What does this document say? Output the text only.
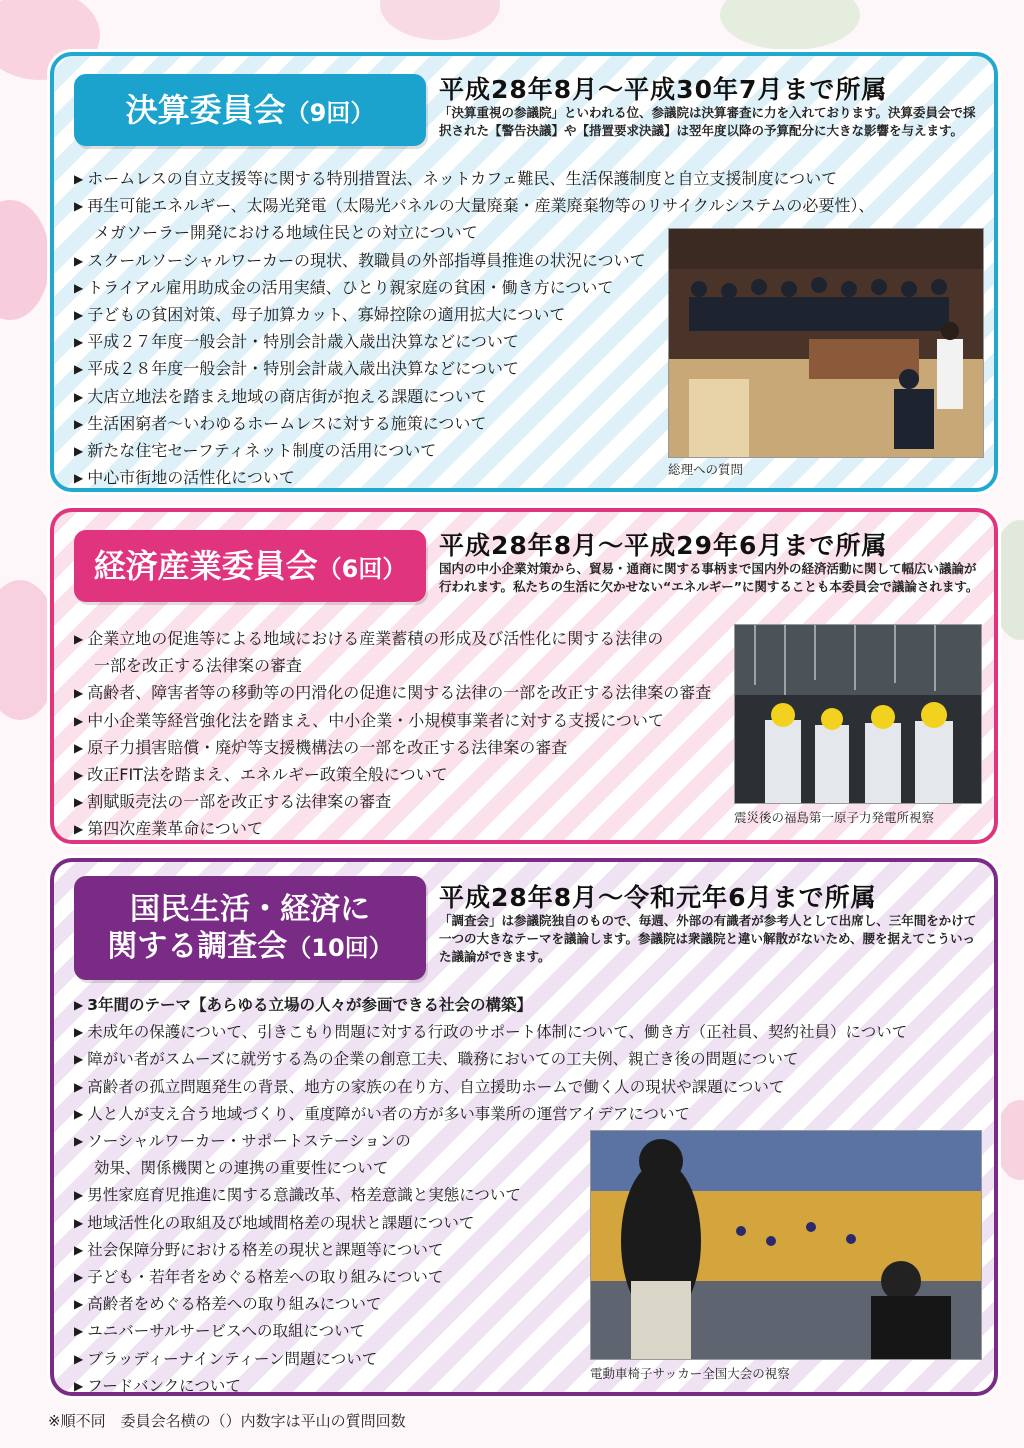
決算委員会（9回）
平成28年8月～平成30年7月まで所属
「決算重視の参議院」といわれる位、参議院は決算審査に力を入れております。決算委員会で採択された【警告決議】や【措置要求決議】は翌年度以降の予算配分に大きな影響を与えます。
▶ ホームレスの自立支援等に関する特別措置法、ネットカフェ難民、生活保護制度と自立支援制度について
▶ 再生可能エネルギー、太陽光発電（太陽光パネルの大量廃棄・産業廃棄物等のリサイクルシステムの必要性）、
メガソーラー開発における地域住民との対立について
▶ スクールソーシャルワーカーの現状、教職員の外部指導員推進の状況について
▶ トライアル雇用助成金の活用実績、ひとり親家庭の貧困・働き方について
▶ 子どもの貧困対策、母子加算カット、寡婦控除の適用拡大について
▶ 平成２７年度一般会計・特別会計歳入歳出決算などについて
▶ 平成２８年度一般会計・特別会計歳入歳出決算などについて
▶ 大店立地法を踏まえ地域の商店街が抱える課題について
▶ 生活困窮者～いわゆるホームレスに対する施策について
▶ 新たな住宅セーフティネット制度の活用について
▶ 中心市街地の活性化について	総理への質問
経済産業委員会（6回）
平成28年8月～平成29年6月まで所属
国内の中小企業対策から、貿易・通商に関する事柄まで国内外の経済活動に関して幅広い議論が行われます。私たちの生活に欠かせない“エネルギー”に関することも本委員会で議論されます。
▶ 企業立地の促進等による地域における産業蓄積の形成及び活性化に関する法律の
一部を改正する法律案の審査
▶ 高齢者、障害者等の移動等の円滑化の促進に関する法律の一部を改正する法律案の審査
▶ 中小企業等経営強化法を踏まえ、中小企業・小規模事業者に対する支援について
▶ 原子力損害賠償・廃炉等支援機構法の一部を改正する法律案の審査
▶ 改正FIT法を踏まえ、エネルギー政策全般について
▶ 割賦販売法の一部を改正する法律案の審査
▶ 第四次産業革命について
震災後の福島第一原子力発電所視察
国民生活・経済に
関する調査会（10回）
平成28年8月～令和元年6月まで所属
「調査会」は参議院独自のもので、毎週、外部の有識者が参考人として出席し、三年間をかけて一つの大きなテーマを議論します。参議院は衆議院と違い解散がないため、腰を据えてこういった議論ができます。
▶ 3年間のテーマ【あらゆる立場の人々が参画できる社会の構築】
▶ 未成年の保護について、引きこもり問題に対する行政のサポート体制について、働き方（正社員、契約社員）について
▶ 障がい者がスムーズに就労する為の企業の創意工夫、職務においての工夫例、親亡き後の問題について
▶ 高齢者の孤立問題発生の背景、地方の家族の在り方、自立援助ホームで働く人の現状や課題について
▶ 人と人が支え合う地域づくり、重度障がい者の方が多い事業所の運営アイデアについて
▶ ソーシャルワーカー・サポートステーションの
効果、関係機関との連携の重要性について
▶ 男性家庭育児推進に関する意識改革、格差意識と実態について
▶ 地域活性化の取組及び地域間格差の現状と課題について
▶ 社会保障分野における格差の現状と課題等について
▶ 子ども・若年者をめぐる格差への取り組みについて
▶ 高齢者をめぐる格差への取り組みについて
▶ ユニバーサルサービスへの取組について
▶ ブラッディーナインティーン問題について
▶ フードバンクについて
電動車椅子サッカー全国大会の視察
※順不同　委員会名横の（）内数字は平山の質問回数
